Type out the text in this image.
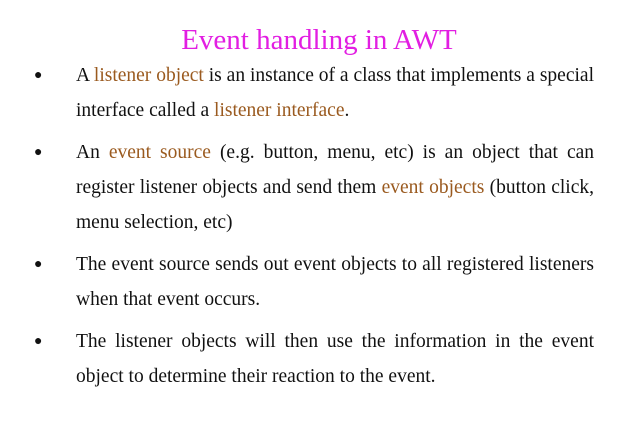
Event handling in AWT
● A listener object is an instance of a class that implements a special interface called a listener interface.
● An event source (e.g. button, menu, etc) is an object that can register listener objects and send them event objects (button click, menu selection, etc)
● The event source sends out event objects to all registered listeners when that event occurs.
● The listener objects will then use the information in the event object to determine their reaction to the event.
